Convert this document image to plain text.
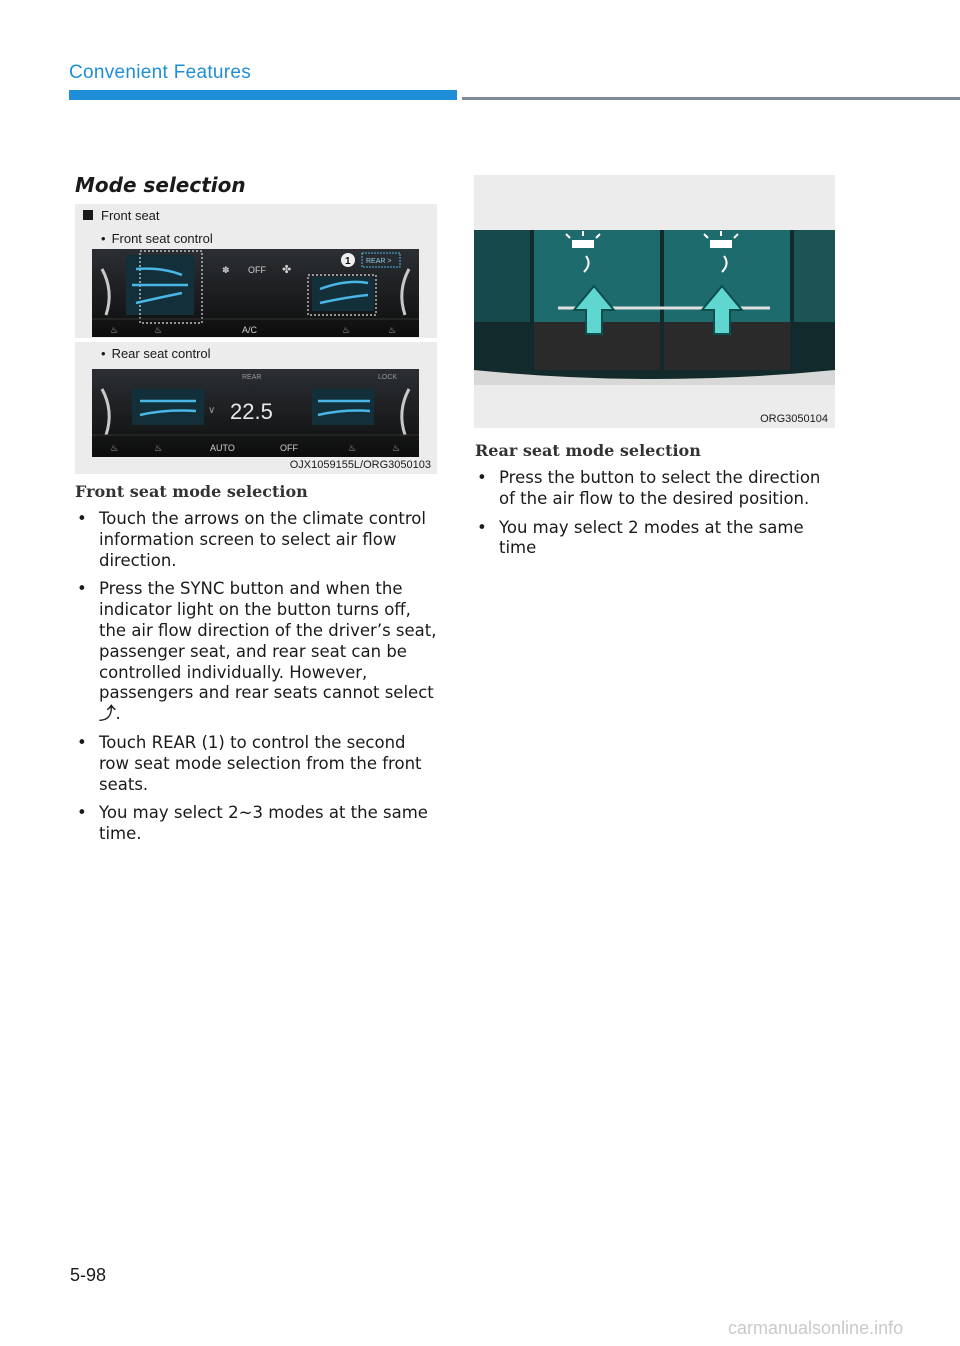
Convenient Features
Mode selection
Front seat
• Front seat control
✽ OFF ✤
1 REAR >
♨	♨	A/C	♨	♨
• Rear seat control
REAR	LOCK
∨ 22.5
♨	♨	AUTO	OFF	♨	♨
OJX1059155L/ORG3050103
ORG3050104
Front seat mode selection
• Touch the arrows on the climate control information screen to select air flow direction.
• Press the SYNC button and when the indicator light on the button turns off, the air flow direction of the driver’s seat, passenger seat, and rear seat can be controlled individually. However, passengers and rear seats cannot select ⤴.
• Touch REAR (1) to control the second row seat mode selection from the front seats.
• You may select 2~3 modes at the same time.
Rear seat mode selection
• Press the button to select the direction of the air flow to the desired position.
• You may select 2 modes at the same time
5-98
carmanualsonline.info
